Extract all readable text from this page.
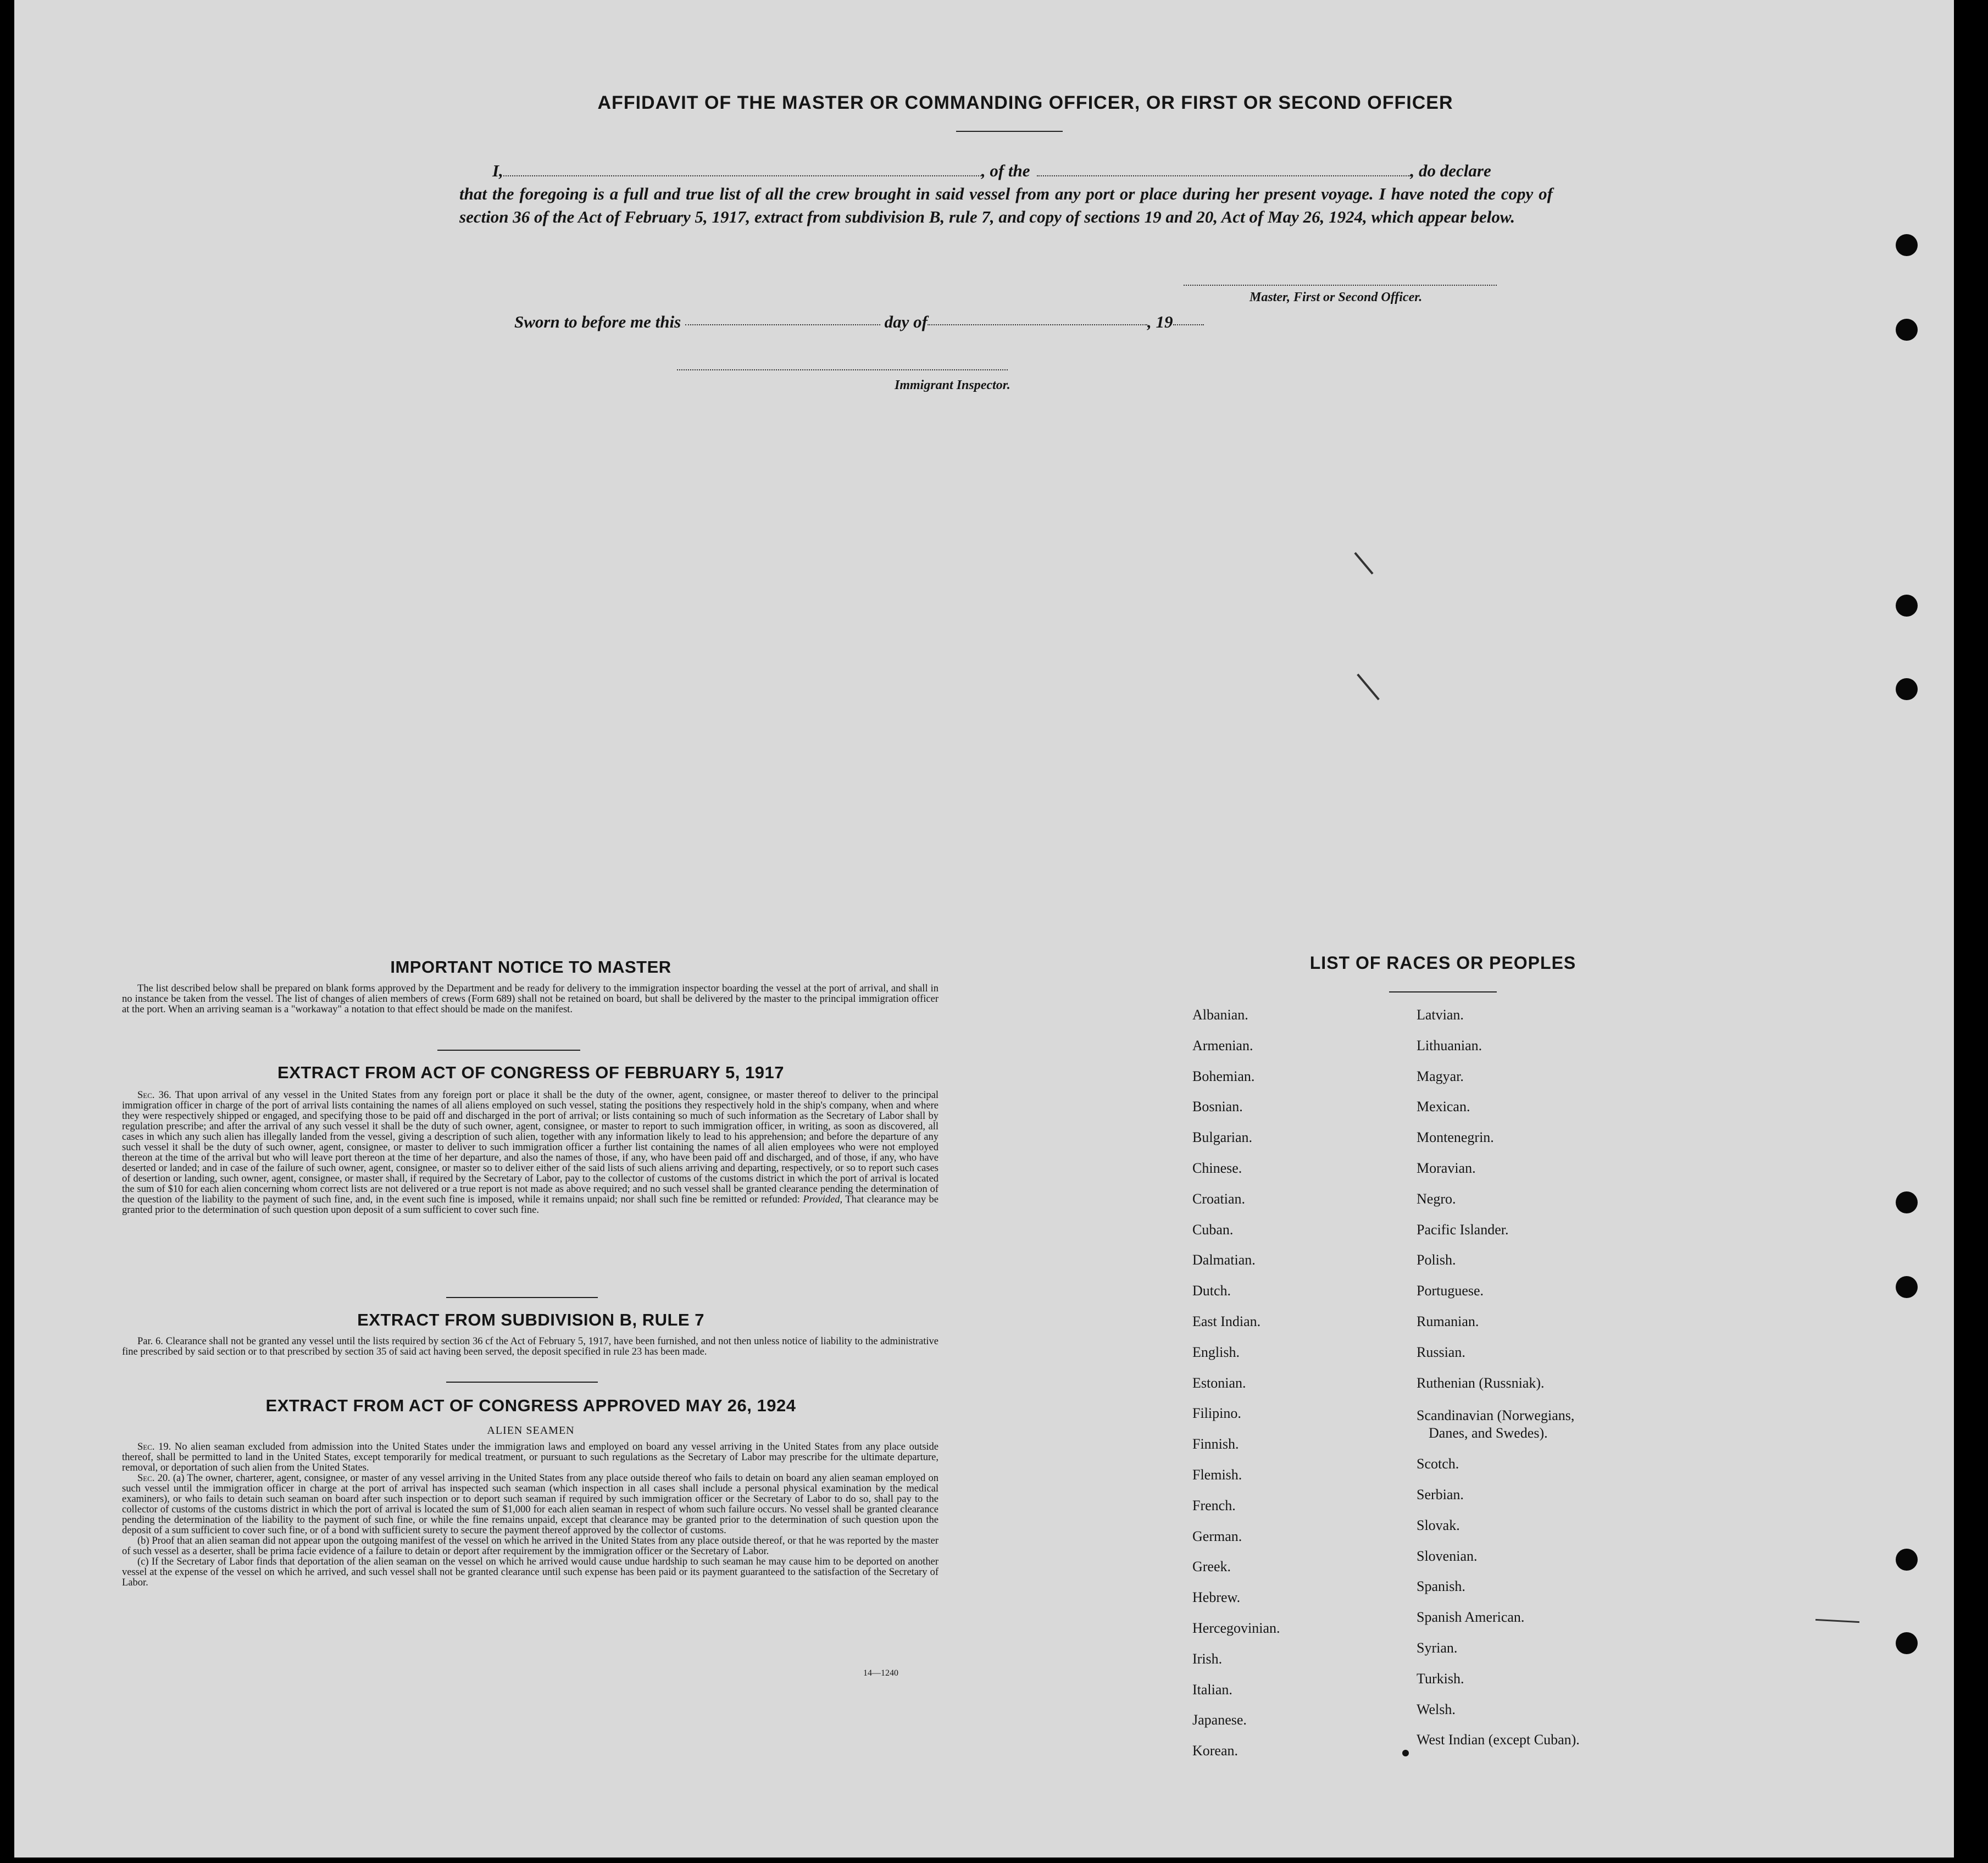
AFFIDAVIT OF THE MASTER OR COMMANDING OFFICER, OR FIRST OR SECOND OFFICER
I,	, of the	, do declare
that the foregoing is a full and true list of all the crew brought in said vessel from any port or place during her present voyage. I have noted the copy of section 36 of the Act of February 5, 1917, extract from subdivision B, rule 7, and copy of sections 19 and 20, Act of May 26, 1924, which appear below.
Master, First or Second Officer.
Sworn to before me this	day of	, 19
Immigrant Inspector.
IMPORTANT NOTICE TO MASTER

The list described below shall be prepared on blank forms approved by the Department and be ready for delivery to the immigration inspector boarding the vessel at the port of arrival, and shall in no instance be taken from the vessel. The list of changes of alien members of crews (Form 689) shall not be retained on board, but shall be delivered by the master to the principal immigration officer at the port. When an arriving seaman is a "workaway" a notation to that effect should be made on the manifest.

EXTRACT FROM ACT OF CONGRESS OF FEBRUARY 5, 1917

Sec. 36. That upon arrival of any vessel in the United States from any foreign port or place it shall be the duty of the owner, agent, consignee, or master thereof to deliver to the principal immigration officer in charge of the port of arrival lists containing the names of all aliens employed on such vessel, stating the positions they respectively hold in the ship's company, when and where they were respectively shipped or engaged, and specifying those to be paid off and discharged in the port of arrival; or lists containing so much of such information as the Secretary of Labor shall by regulation prescribe; and after the arrival of any such vessel it shall be the duty of such owner, agent, consignee, or master to report to such immigration officer, in writing, as soon as discovered, all cases in which any such alien has illegally landed from the vessel, giving a description of such alien, together with any information likely to lead to his apprehension; and before the departure of any such vessel it shall be the duty of such owner, agent, consignee, or master to deliver to such immigration officer a further list containing the names of all alien employees who were not employed thereon at the time of the arrival but who will leave port thereon at the time of her departure, and also the names of those, if any, who have been paid off and discharged, and of those, if any, who have deserted or landed; and in case of the failure of such owner, agent, consignee, or master so to deliver either of the said lists of such aliens arriving and departing, respectively, or so to report such cases of desertion or landing, such owner, agent, consignee, or master shall, if required by the Secretary of Labor, pay to the collector of customs of the customs district in which the port of arrival is located the sum of $10 for each alien concerning whom correct lists are not delivered or a true report is not made as above required; and no such vessel shall be granted clearance pending the determination of the question of the liability to the payment of such fine, and, in the event such fine is imposed, while it remains unpaid; nor shall such fine be remitted or refunded: Provided, That clearance may be granted prior to the determination of such question upon deposit of a sum sufficient to cover such fine.

EXTRACT FROM SUBDIVISION B, RULE 7

Par. 6. Clearance shall not be granted any vessel until the lists required by section 36 cf the Act of February 5, 1917, have been furnished, and not then unless notice of liability to the administrative fine prescribed by said section or to that prescribed by section 35 of said act having been served, the deposit specified in rule 23 has been made.

EXTRACT FROM ACT OF CONGRESS APPROVED MAY 26, 1924
ALIEN SEAMEN

Sec. 19. No alien seaman excluded from admission into the United States under the immigration laws and employed on board any vessel arriving in the United States from any place outside thereof, shall be permitted to land in the United States, except temporarily for medical treatment, or pursuant to such regulations as the Secretary of Labor may prescribe for the ultimate departure, removal, or deportation of such alien from the United States.

Sec. 20. (a) The owner, charterer, agent, consignee, or master of any vessel arriving in the United States from any place outside thereof who fails to detain on board any alien seaman employed on such vessel until the immigration officer in charge at the port of arrival has inspected such seaman (which inspection in all cases shall include a personal physical examination by the medical examiners), or who fails to detain such seaman on board after such inspection or to deport such seaman if required by such immigration officer or the Secretary of Labor to do so, shall pay to the collector of customs of the customs district in which the port of arrival is located the sum of $1,000 for each alien seaman in respect of whom such failure occurs. No vessel shall be granted clearance pending the determination of the liability to the payment of such fine, or while the fine remains unpaid, except that clearance may be granted prior to the determination of such question upon the deposit of a sum sufficient to cover such fine, or of a bond with sufficient surety to secure the payment thereof approved by the collector of customs.

(b) Proof that an alien seaman did not appear upon the outgoing manifest of the vessel on which he arrived in the United States from any place outside thereof, or that he was reported by the master of such vessel as a deserter, shall be prima facie evidence of a failure to detain or deport after requirement by the immigration officer or the Secretary of Labor.

(c) If the Secretary of Labor finds that deportation of the alien seaman on the vessel on which he arrived would cause undue hardship to such seaman he may cause him to be deported on another vessel at the expense of the vessel on which he arrived, and such vessel shall not be granted clearance until such expense has been paid or its payment guaranteed to the satisfaction of the Secretary of Labor.

14—1240
LIST OF RACES OR PEOPLES
Albanian.
Armenian.
Bohemian.
Bosnian.
Bulgarian.
Chinese.
Croatian.
Cuban.
Dalmatian.
Dutch.
East Indian.
English.
Estonian.
Filipino.
Finnish.
Flemish.
French.
German.
Greek.
Hebrew.
Hercegovinian.
Irish.
Italian.
Japanese.
Korean.
Latvian.
Lithuanian.
Magyar.
Mexican.
Montenegrin.
Moravian.
Negro.
Pacific Islander.
Polish.
Portuguese.
Rumanian.
Russian.
Ruthenian (Russniak).
Scandinavian (Norwegians,
Danes, and Swedes).
Scotch.
Serbian.
Slovak.
Slovenian.
Spanish.
Spanish American.
Syrian.
Turkish.
Welsh.
West Indian (except Cuban).
